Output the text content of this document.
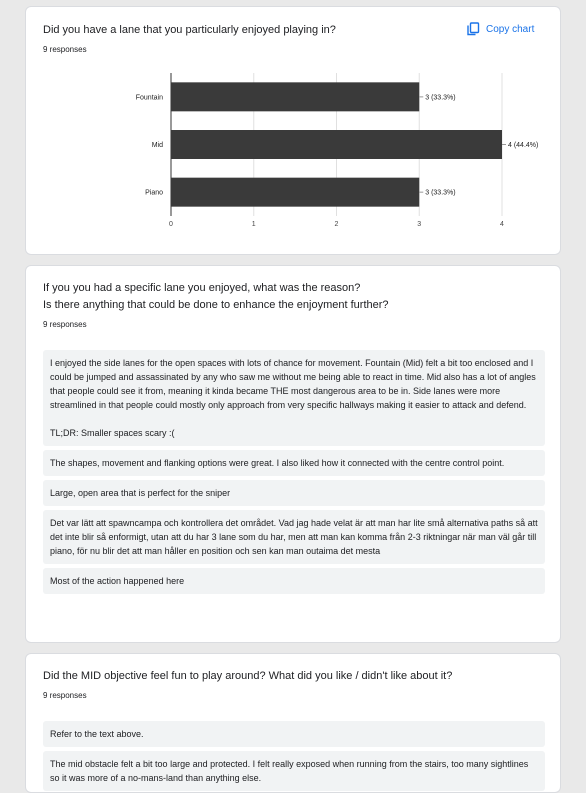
Did you have a lane that you particularly enjoyed playing in?
9 responses
Copy chart
0	1	2	3	4
Fountain	3 (33.3%)
Mid	4 (44.4%)
Piano	3 (33.3%)
If you you had a specific lane you enjoyed, what was the reason?
Is there anything that could be done to enhance the enjoyment further?
9 responses

I enjoyed the side lanes for the open spaces with lots of chance for movement. Fountain (Mid) felt a bit too enclosed and I could be jumped and assassinated by any who saw me without me being able to react in time. Mid also has a lot of angles that people could see it from, meaning it kinda became THE most dangerous area to be in. Side lanes were more streamlined in that people could mostly only approach from very specific hallways making it easier to attack and defend.

TL;DR: Smaller spaces scary :(

The shapes, movement and flanking options were great. I also liked how it connected with the centre control point.

Large, open area that is perfect for the sniper

Det var lätt att spawncampa och kontrollera det området. Vad jag hade velat är att man har lite små alternativa paths så att det inte blir så enformigt, utan att du har 3 lane som du har, men att man kan komma från 2-3 riktningar när man väl går till piano, för nu blir det att man håller en position och sen kan man outaima det mesta

Most of the action happened here

Did the MID objective feel fun to play around? What did you like / didn't like about it?
9 responses

Refer to the text above.

The mid obstacle felt a bit too large and protected. I felt really exposed when running from the stairs, too many sightlines so it was more of a no-mans-land than anything else.
